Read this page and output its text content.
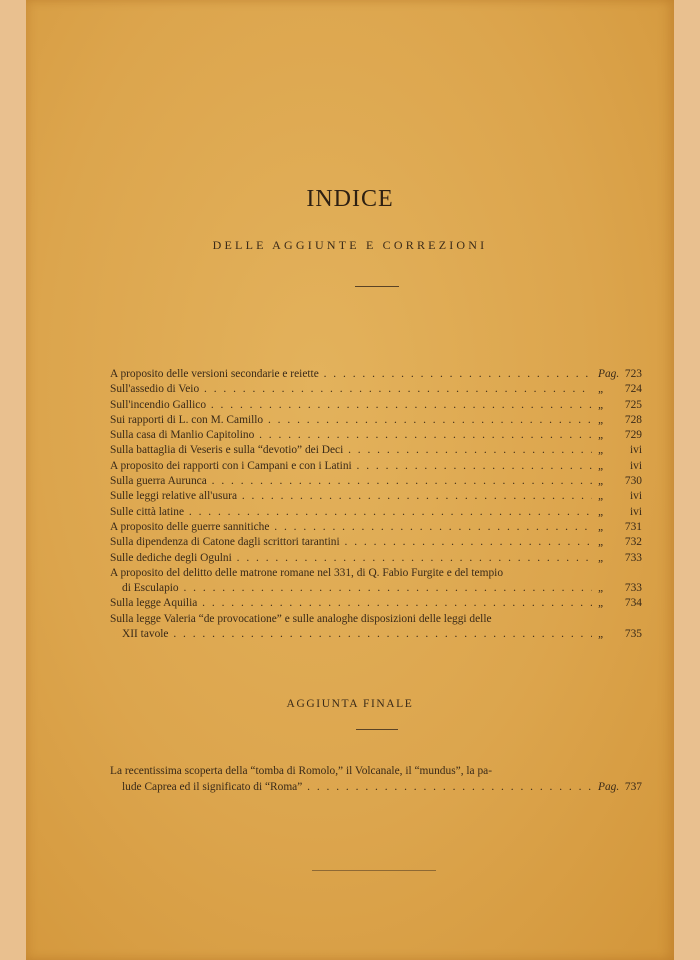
INDICE
DELLE AGGIUNTE E CORREZIONI
A proposito delle versioni secondarie e reiette . . .	Pag. 723
Sull'assedio di Veio . . .	„	724
Sull'incendio Gallico . . .	„	725
Sui rapporti di L. con M. Camillo . . .	„	728
Sulla casa di Manlio Capitolino . . .	„	729
Sulla battaglia di Veseris e sulla “devotio” dei Deci . . .	„	ivi
A proposito dei rapporti con i Campani e con i Latini . . .	„	ivi
Sulla guerra Aurunca . . .	„	730
Sulle leggi relative all'usura . . .	„	ivi
Sulle città latine . . .	„	ivi
A proposito delle guerre sannitiche . . .	„	731
Sulla dipendenza di Catone dagli scrittori tarantini . . .	„	732
Sulle dediche degli Ogulni . . .	„	733
A proposito del delitto delle matrone romane nel 331, di Q. Fabio Furgite e del tempio
di Esculapio . . .	„	733
Sulla legge Aquilia . . .	„	734
Sulla legge Valeria “de provocatione” e sulle analoghe disposizioni delle leggi delle
XII tavole . . .	„	735
AGGIUNTA FINALE
La recentissima scoperta della “tomba di Romolo,” il Volcanale, il “mundus”, la pa-
lude Caprea ed il significato di “Roma” . . .	Pag. 737
